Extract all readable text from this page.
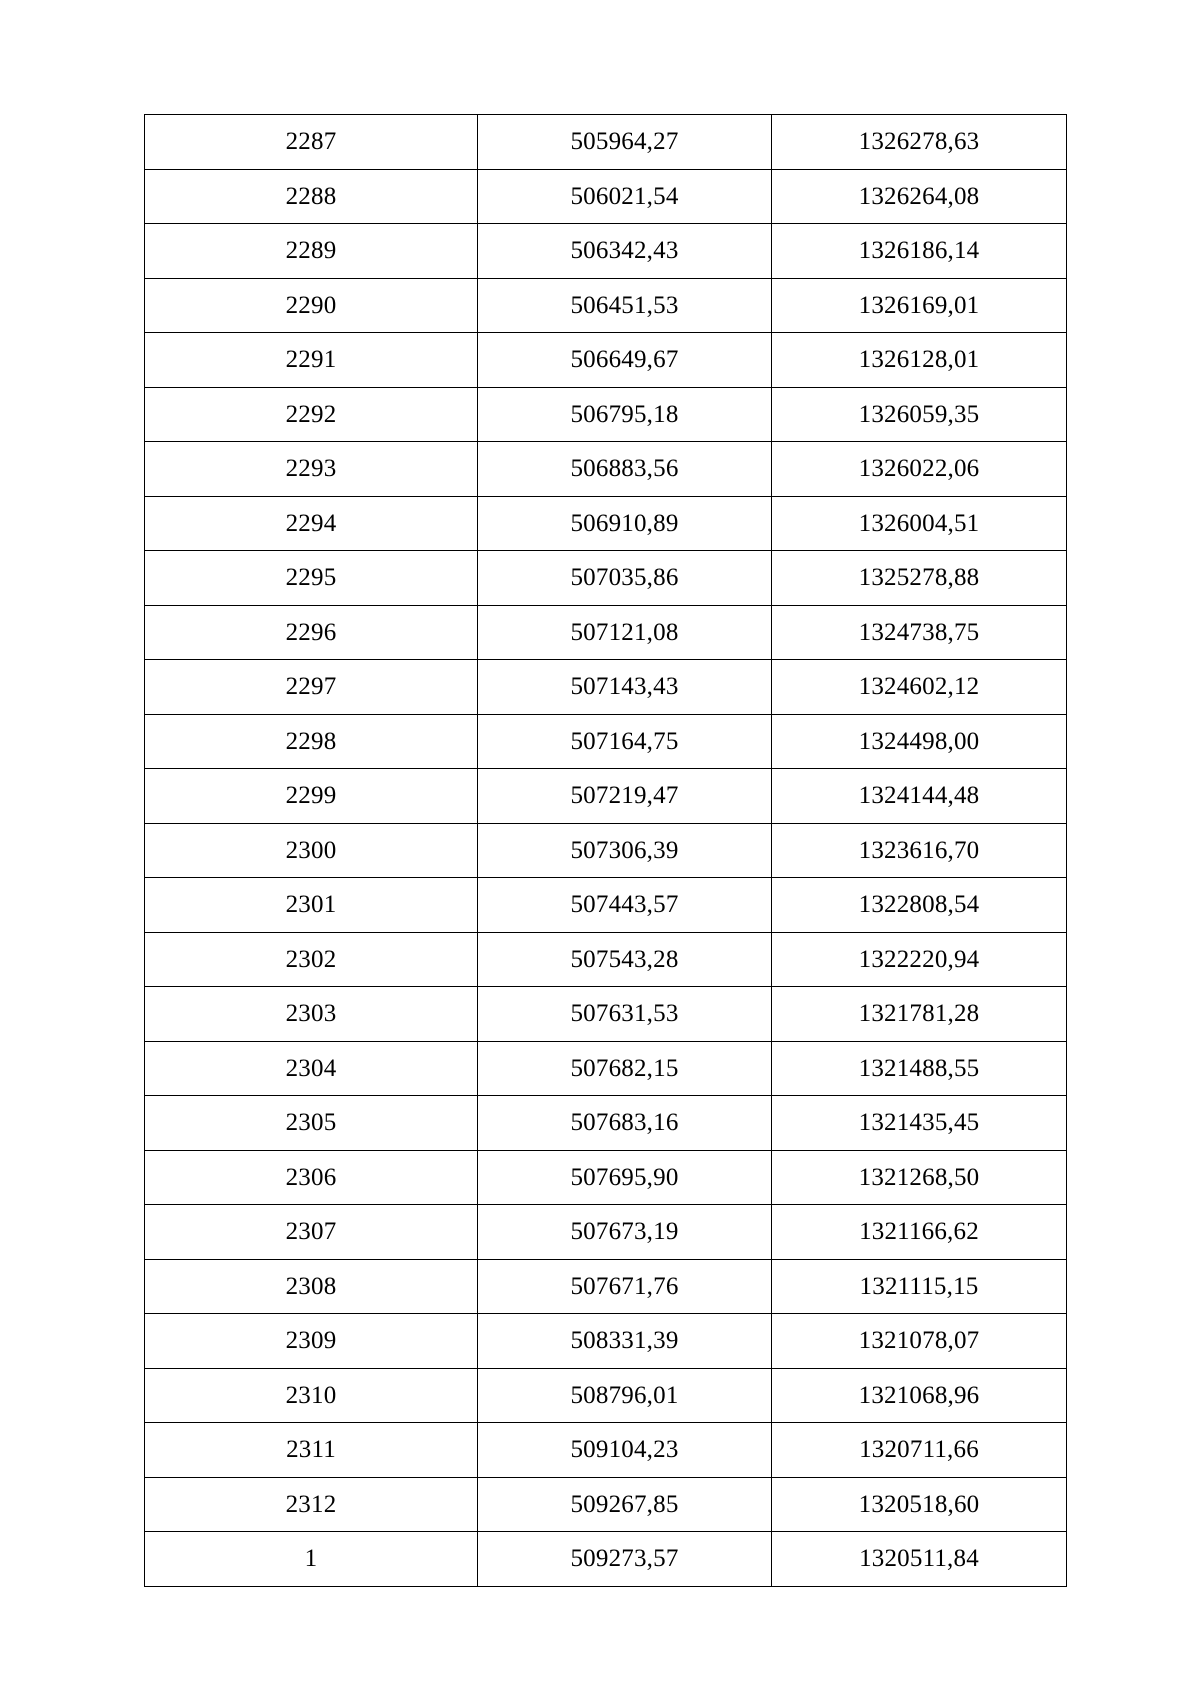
2287	505964,27	1326278,63
2288	506021,54	1326264,08
2289	506342,43	1326186,14
2290	506451,53	1326169,01
2291	506649,67	1326128,01
2292	506795,18	1326059,35
2293	506883,56	1326022,06
2294	506910,89	1326004,51
2295	507035,86	1325278,88
2296	507121,08	1324738,75
2297	507143,43	1324602,12
2298	507164,75	1324498,00
2299	507219,47	1324144,48
2300	507306,39	1323616,70
2301	507443,57	1322808,54
2302	507543,28	1322220,94
2303	507631,53	1321781,28
2304	507682,15	1321488,55
2305	507683,16	1321435,45
2306	507695,90	1321268,50
2307	507673,19	1321166,62
2308	507671,76	1321115,15
2309	508331,39	1321078,07
2310	508796,01	1321068,96
2311	509104,23	1320711,66
2312	509267,85	1320518,60
1	509273,57	1320511,84
